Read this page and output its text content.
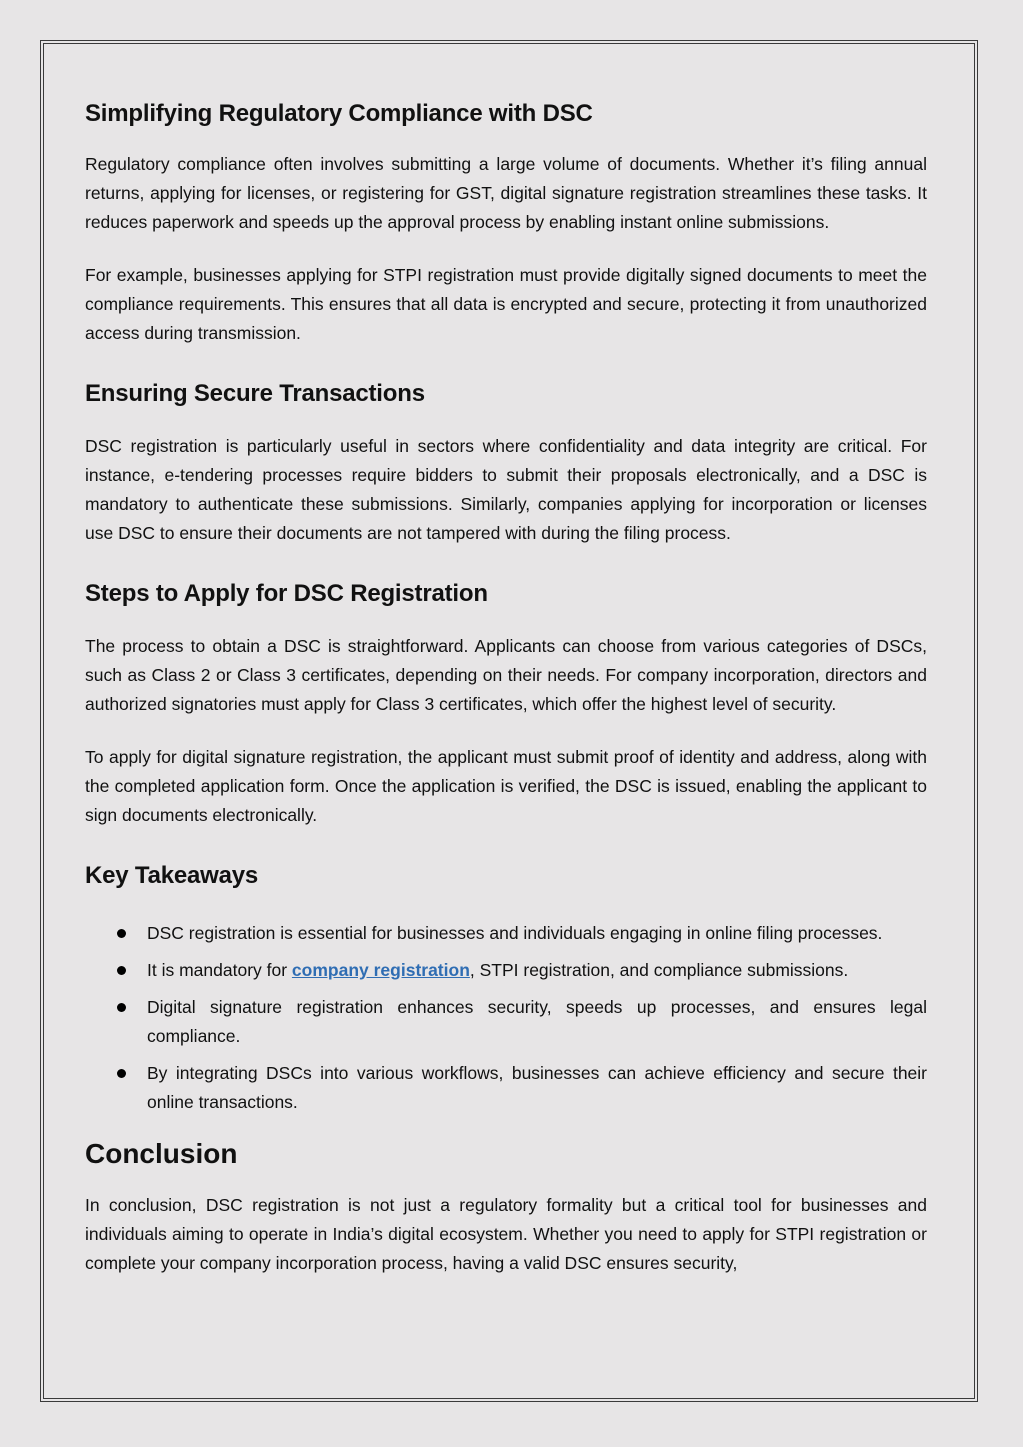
Simplifying Regulatory Compliance with DSC

Regulatory compliance often involves submitting a large volume of documents. Whether it’s filing annual returns, applying for licenses, or registering for GST, digital signature registration streamlines these tasks. It reduces paperwork and speeds up the approval process by enabling instant online submissions.

For example, businesses applying for STPI registration must provide digitally signed documents to meet the compliance requirements. This ensures that all data is encrypted and secure, protecting it from unauthorized access during transmission.

Ensuring Secure Transactions

DSC registration is particularly useful in sectors where confidentiality and data integrity are critical. For instance, e-tendering processes require bidders to submit their proposals electronically, and a DSC is mandatory to authenticate these submissions. Similarly, companies applying for incorporation or licenses use DSC to ensure their documents are not tampered with during the filing process.

Steps to Apply for DSC Registration

The process to obtain a DSC is straightforward. Applicants can choose from various categories of DSCs, such as Class 2 or Class 3 certificates, depending on their needs. For company incorporation, directors and authorized signatories must apply for Class 3 certificates, which offer the highest level of security.

To apply for digital signature registration, the applicant must submit proof of identity and address, along with the completed application form. Once the application is verified, the DSC is issued, enabling the applicant to sign documents electronically.

Key Takeaways
DSC registration is essential for businesses and individuals engaging in online filing processes.
It is mandatory for company registration, STPI registration, and compliance submissions.
Digital signature registration enhances security, speeds up processes, and ensures legal compliance.
By integrating DSCs into various workflows, businesses can achieve efficiency and secure their online transactions.
Conclusion

In conclusion, DSC registration is not just a regulatory formality but a critical tool for businesses and individuals aiming to operate in India’s digital ecosystem. Whether you need to apply for STPI registration or complete your company incorporation process, having a valid DSC ensures security,
